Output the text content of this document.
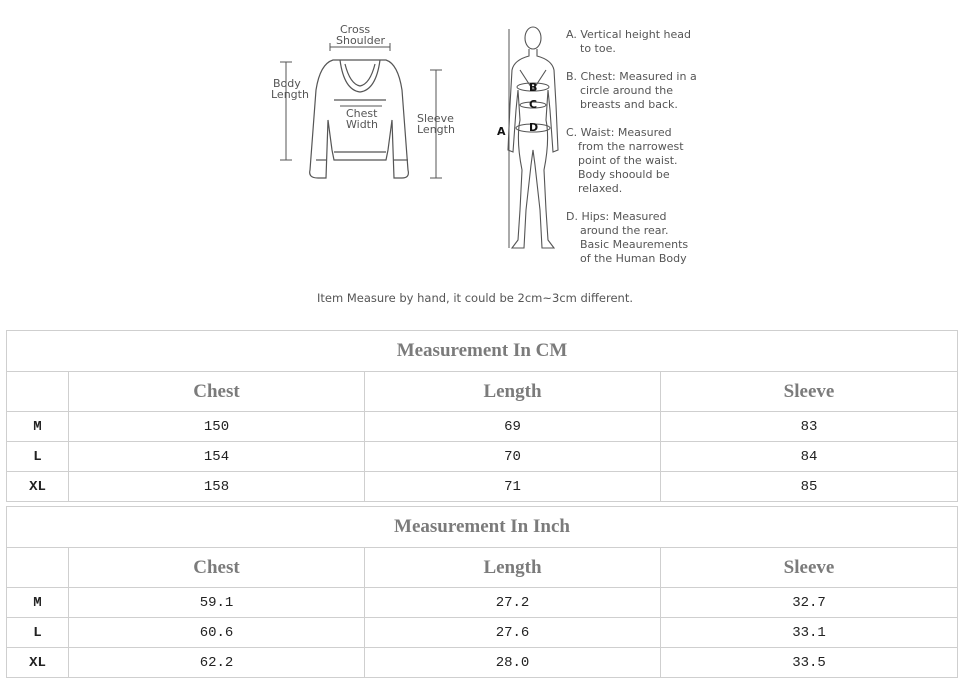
Cross
Shoulder
Body
Length
Chest
Width	Sleeve
Length	A
B
C
D
A. Vertical height head
to toe.
B. Chest: Measured in a
circle around the
breasts and back.
C. Waist: Measured
from the narrowest
point of the waist.
Body shoould be
relaxed.
D. Hips: Measured
around the rear.
Basic Meaurements
of the Human Body
Item Measure by hand, it could be 2cm~3cm different.
Measurement In CM			
	Chest	Length	Sleeve
M	150	69	83
L	154	70	84
XL	158	71	85
Measurement In Inch			
	Chest	Length	Sleeve
M	59.1	27.2	32.7
L	60.6	27.6	33.1
XL	62.2	28.0	33.5
